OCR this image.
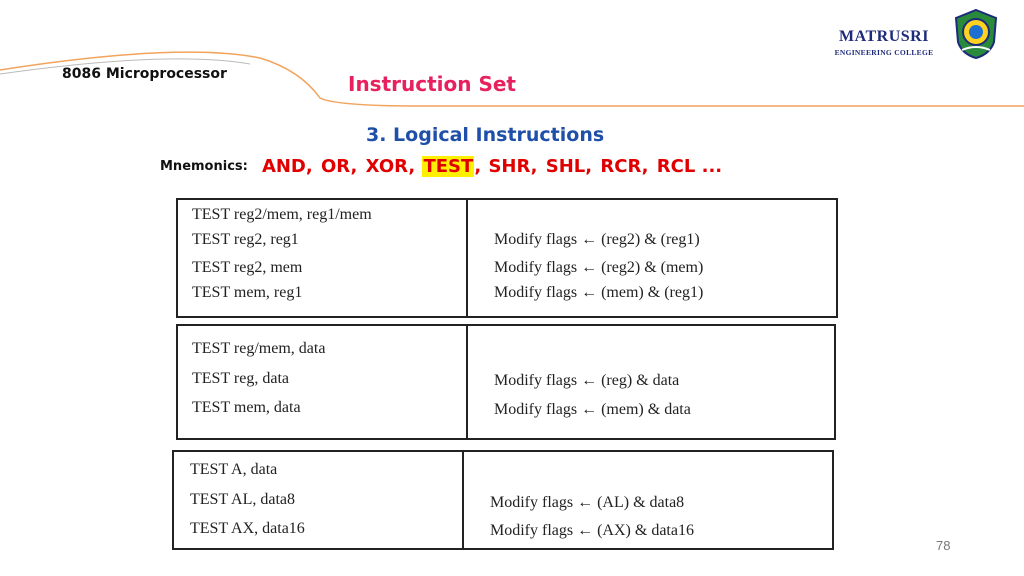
MATRUSRI
ENGINEERING COLLEGE
8086 Microprocessor	Instruction Set
3. Logical Instructions
Mnemonics: AND, OR, XOR, TEST, SHR, SHL, RCR, RCL ...
TEST reg2/mem, reg1/mem
TEST reg2, reg1
TEST reg2, mem
TEST mem, reg1
Modify flags ← (reg2) & (reg1)
Modify flags ← (reg2) & (mem)
Modify flags ← (mem) & (reg1)
TEST reg/mem, data
TEST reg, data
TEST mem, data
Modify flags ← (reg) & data
Modify flags ← (mem) & data
TEST A, data
TEST AL, data8
TEST AX, data16
Modify flags ← (AL) & data8
Modify flags ← (AX) & data16
78
